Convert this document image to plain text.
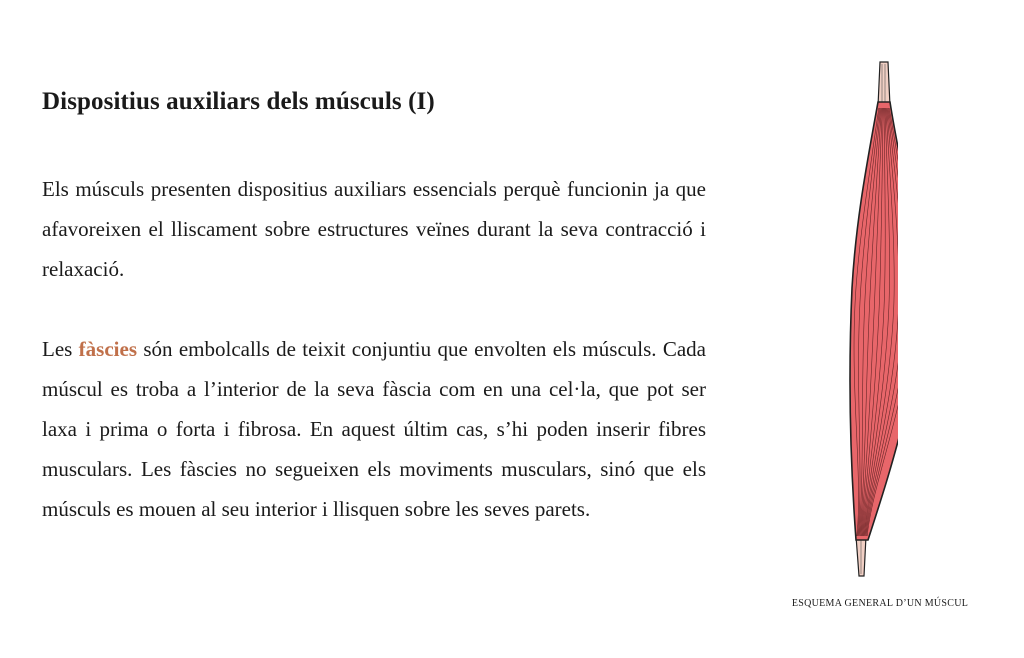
Dispositius auxiliars dels músculs (I)

Els músculs presenten dispositius auxiliars essencials perquè funcionin ja que afavoreixen el lliscament sobre estructures veïnes durant la seva contracció i relaxació.

Les fàscies són embolcalls de teixit conjuntiu que envolten els músculs. Cada múscul es troba a l’interior de la seva fàscia com en una cel·la, que pot ser laxa i prima o forta i fibrosa. En aquest últim cas, s’hi poden inserir fibres musculars. Les fàscies no segueixen els moviments musculars, sinó que els músculs es mouen al seu interior i llisquen sobre les seves parets.

ESQUEMA GENERAL D’UN MÚSCUL
